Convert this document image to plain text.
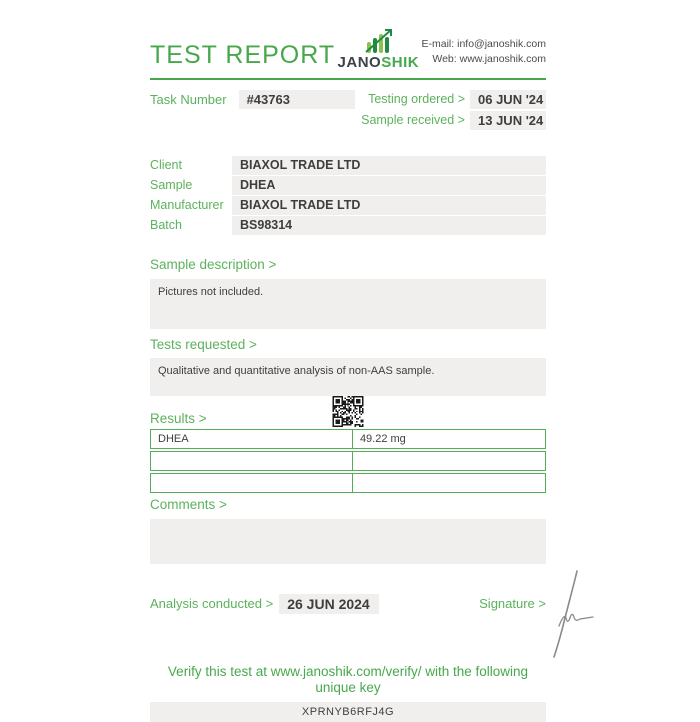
TEST REPORT JANOSHIK
E-mail: info@janoshik.com
Web: www.janoshik.com
Task Number	#43763	Testing ordered >	06 JUN '24
Sample received >	13 JUN '24
Client	BIAXOL TRADE LTD
Sample	DHEA
Manufacturer	BIAXOL TRADE LTD
Batch	BS98314
Sample description >
Pictures not included.
Tests requested >
Qualitative and quantitative analysis of non-AAS sample.
Results >
DHEA	49.22 mg
Comments >
Analysis conducted >	26 JUN 2024	Signature >
Verify this test at www.janoshik.com/verify/ with the following unique key
XPRNYB6RFJ4G
